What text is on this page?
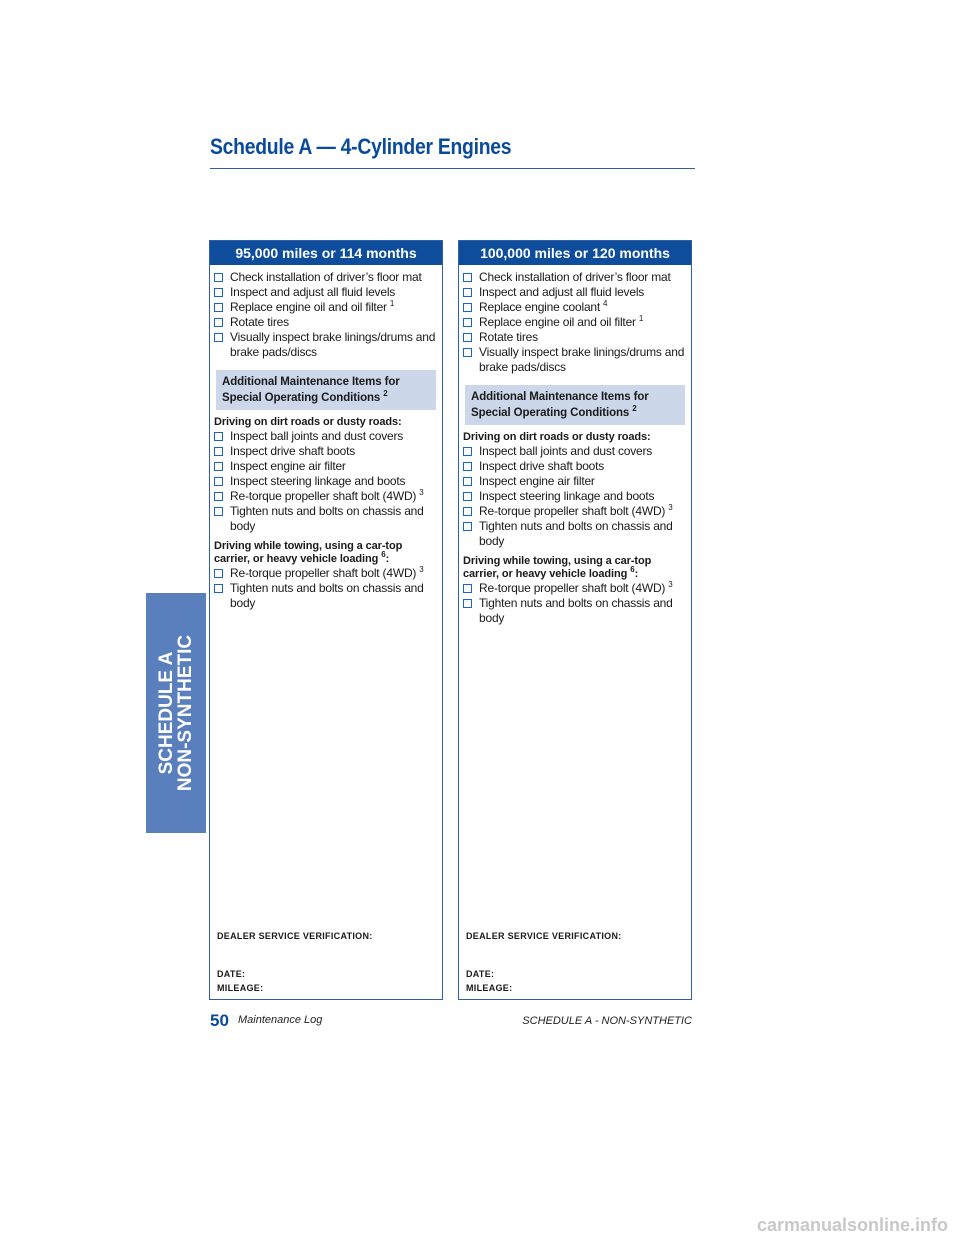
Schedule A — 4-Cylinder Engines
SCHEDULE A
NON-SYNTHETIC
95,000 miles or 114 months
Check installation of driver’s floor mat
Inspect and adjust all fluid levels
Replace engine oil and oil filter $^1$
Rotate tires
Visually inspect brake linings/drums and brake pads/discs
Additional Maintenance Items for Special Operating Conditions $^2$
Driving on dirt roads or dusty roads:
Inspect ball joints and dust covers
Inspect drive shaft boots
Inspect engine air filter
Inspect steering linkage and boots
Re-torque propeller shaft bolt (4WD) $^3$
Tighten nuts and bolts on chassis and body
Driving while towing, using a car-top carrier, or heavy vehicle loading $^6$:
Re-torque propeller shaft bolt (4WD) $^3$
Tighten nuts and bolts on chassis and body
DEALER SERVICE VERIFICATION:
DATE:
MILEAGE:
100,000 miles or 120 months
Check installation of driver’s floor mat
Inspect and adjust all fluid levels
Replace engine coolant $^4$
Replace engine oil and oil filter $^1$
Rotate tires
Visually inspect brake linings/drums and brake pads/discs
Additional Maintenance Items for Special Operating Conditions $^2$
Driving on dirt roads or dusty roads:
Inspect ball joints and dust covers
Inspect drive shaft boots
Inspect engine air filter
Inspect steering linkage and boots
Re-torque propeller shaft bolt (4WD) $^3$
Tighten nuts and bolts on chassis and body
Driving while towing, using a car-top carrier, or heavy vehicle loading $^6$:
Re-torque propeller shaft bolt (4WD) $^3$
Tighten nuts and bolts on chassis and body
DEALER SERVICE VERIFICATION:
DATE:
MILEAGE:
50 Maintenance Log	SCHEDULE A - NON-SYNTHETIC
carmanualsonline.info
